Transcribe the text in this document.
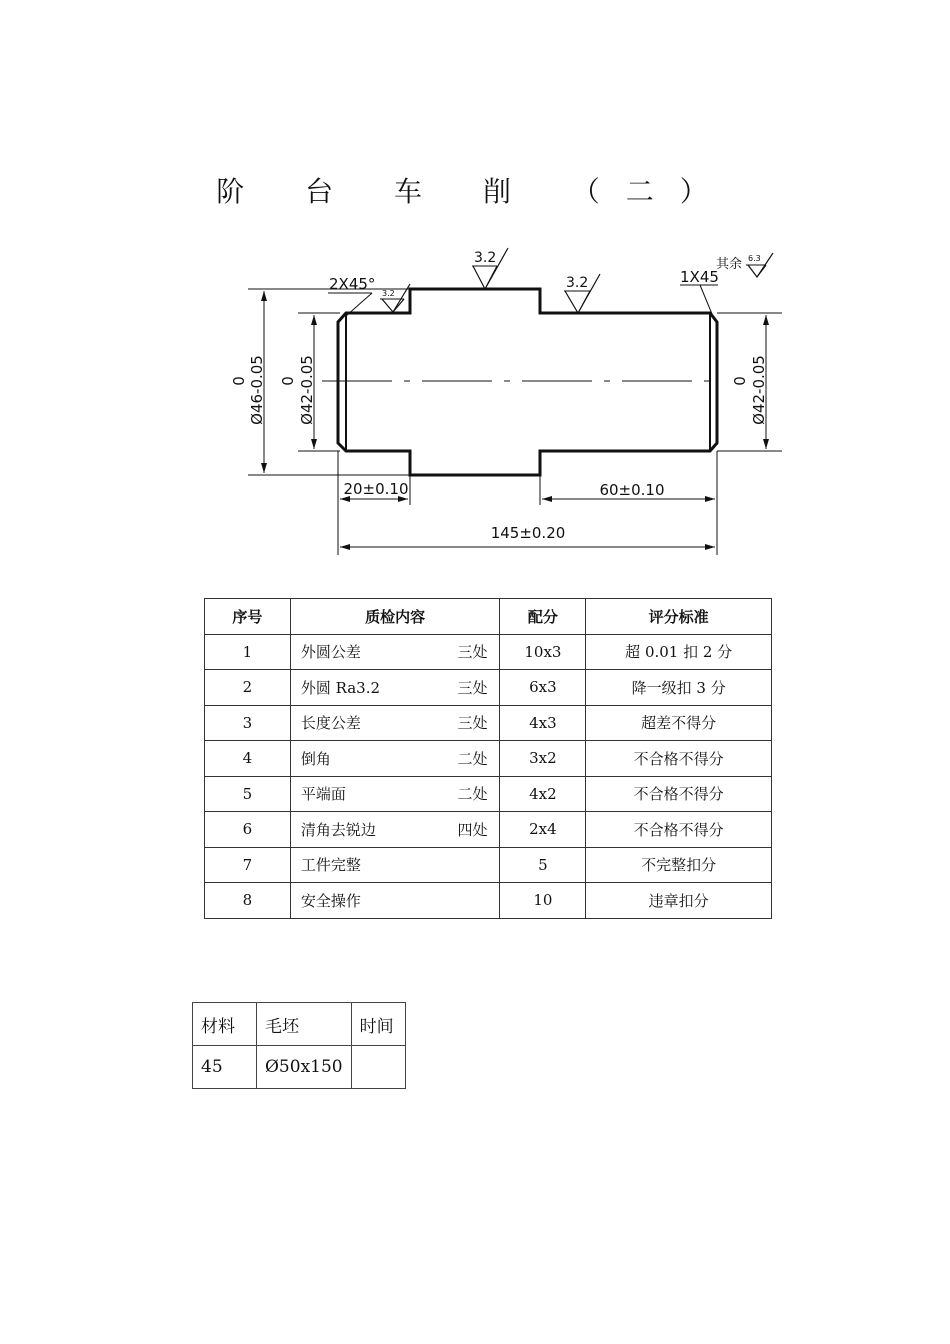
阶 台 车 削 （二）
2X45°
3.2
3.2
3.2	1X45
其余 6.3
0 Ø46-0.05 0 Ø42-0.05	0 Ø42-0.05
20±0.10	60±0.10
145±0.20
序号	质检内容	配分	评分标准
1	外圆公差 三处	10x3	超 0.01 扣 2 分
2	外圆 Ra3.2 三处	6x3	降一级扣 3 分
3	长度公差 三处	4x3	超差不得分
4	倒角 二处	3x2	不合格不得分
5	平端面 二处	4x2	不合格不得分
6	清角去锐边 四处	2x4	不合格不得分
7	工件完整	5	不完整扣分
8	安全操作	10	违章扣分
材料	毛坯	时间
45	Ø50x150	
